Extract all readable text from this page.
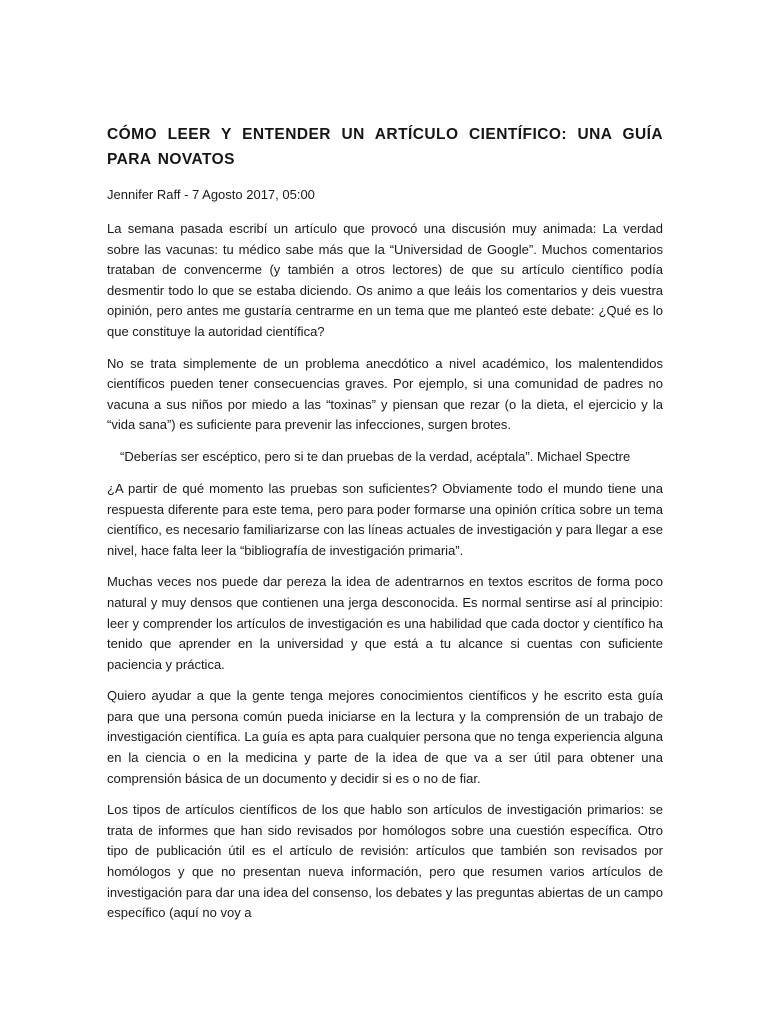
CÓMO LEER Y ENTENDER UN ARTÍCULO CIENTÍFICO: UNA GUÍA PARA NOVATOS

Jennifer Raff - 7 Agosto 2017, 05:00

La semana pasada escribí un artículo que provocó una discusión muy animada: La verdad sobre las vacunas: tu médico sabe más que la “Universidad de Google”. Muchos comentarios trataban de convencerme (y también a otros lectores) de que su artículo científico podía desmentir todo lo que se estaba diciendo. Os animo a que leáis los comentarios y deis vuestra opinión, pero antes me gustaría centrarme en un tema que me planteó este debate: ¿Qué es lo que constituye la autoridad científica?

No se trata simplemente de un problema anecdótico a nivel académico, los malentendidos científicos pueden tener consecuencias graves. Por ejemplo, si una comunidad de padres no vacuna a sus niños por miedo a las “toxinas” y piensan que rezar (o la dieta, el ejercicio y la “vida sana”) es suficiente para prevenir las infecciones, surgen brotes.

“Deberías ser escéptico, pero si te dan pruebas de la verdad, acéptala”. Michael Spectre

¿A partir de qué momento las pruebas son suficientes? Obviamente todo el mundo tiene una respuesta diferente para este tema, pero para poder formarse una opinión crítica sobre un tema científico, es necesario familiarizarse con las líneas actuales de investigación y para llegar a ese nivel, hace falta leer la “bibliografía de investigación primaria”.

Muchas veces nos puede dar pereza la idea de adentrarnos en textos escritos de forma poco natural y muy densos que contienen una jerga desconocida. Es normal sentirse así al principio: leer y comprender los artículos de investigación es una habilidad que cada doctor y científico ha tenido que aprender en la universidad y que está a tu alcance si cuentas con suficiente paciencia y práctica.

Quiero ayudar a que la gente tenga mejores conocimientos científicos y he escrito esta guía para que una persona común pueda iniciarse en la lectura y la comprensión de un trabajo de investigación científica. La guía es apta para cualquier persona que no tenga experiencia alguna en la ciencia o en la medicina y parte de la idea de que va a ser útil para obtener una comprensión básica de un documento y decidir si es o no de fiar.

Los tipos de artículos científicos de los que hablo son artículos de investigación primarios: se trata de informes que han sido revisados por homólogos sobre una cuestión específica. Otro tipo de publicación útil es el artículo de revisión: artículos que también son revisados por homólogos y que no presentan nueva información, pero que resumen varios artículos de investigación para dar una idea del consenso, los debates y las preguntas abiertas de un campo específico (aquí no voy a
